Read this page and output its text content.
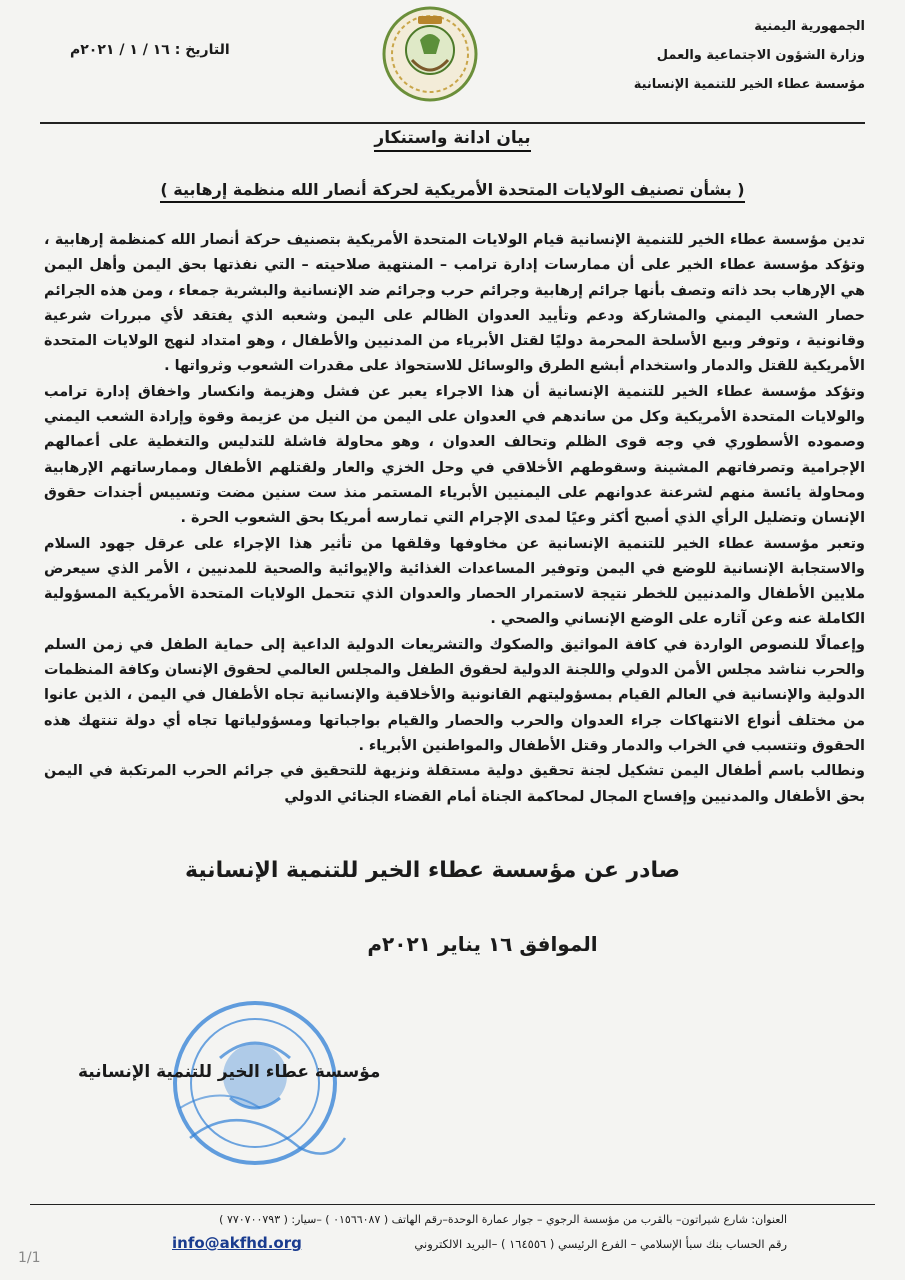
الجمهورية اليمنية
وزارة الشؤون الاجتماعية والعمل
مؤسسة عطاء الخير للتنمية الإنسانية
التاريخ : ١٦ / ١ / ٢٠٢١م
بيان ادانة واستنكار
( بشأن تصنيف الولايات المتحدة الأمريكية لحركة أنصار الله منظمة إرهابية )

تدين مؤسسة عطاء الخير للتنمية الإنسانية قيام الولايات المتحدة الأمريكية بتصنيف حركة أنصار الله كمنظمة إرهابية ، وتؤكد مؤسسة عطاء الخير على أن ممارسات إدارة ترامب – المنتهية صلاحيته – التي نفذتها بحق اليمن وأهل اليمن هي الإرهاب بحد ذاته وتصف بأنها جرائم إرهابية وجرائم حرب وجرائم ضد الإنسانية والبشرية جمعاء ، ومن هذه الجرائم حصار الشعب اليمني والمشاركة ودعم وتأييد العدوان الظالم على اليمن وشعبه الذي يفتقد لأي مبررات شرعية وقانونية ، وتوفر وبيع الأسلحة المحرمة دوليًا لقتل الأبرياء من المدنيين والأطفال ، وهو امتداد لنهج الولايات المتحدة الأمريكية للقتل والدمار واستخدام أبشع الطرق والوسائل للاستحواذ على مقدرات الشعوب وثرواتها .

وتؤكد مؤسسة عطاء الخير للتنمية الإنسانية أن هذا الاجراء يعبر عن فشل وهزيمة وانكسار واخفاق إدارة ترامب والولايات المتحدة الأمريكية وكل من ساندهم في العدوان على اليمن من النيل من عزيمة وقوة وإرادة الشعب اليمني وصموده الأسطوري في وجه قوى الظلم وتحالف العدوان ، وهو محاولة فاشلة للتدليس والتغطية على أعمالهم الإجرامية وتصرفاتهم المشينة وسقوطهم الأخلاقي في وحل الخزي والعار ولقتلهم الأطفال وممارساتهم الإرهابية ومحاولة يائسة منهم لشرعنة عدوانهم على اليمنيين الأبرياء المستمر منذ ست سنين مضت وتسييس أجندات حقوق الإنسان وتضليل الرأي الذي أصبح أكثر وعيًا لمدى الإجرام التي تمارسه أمريكا بحق الشعوب الحرة .

وتعبر مؤسسة عطاء الخير للتنمية الإنسانية عن مخاوفها وقلقها من تأثير هذا الإجراء على عرقل جهود السلام والاستجابة الإنسانية للوضع في اليمن وتوفير المساعدات الغذائية والإيوائية والصحية للمدنيين ، الأمر الذي سيعرض ملايين الأطفال والمدنيين للخطر نتيجة لاستمرار الحصار والعدوان الذي تتحمل الولايات المتحدة الأمريكية المسؤولية الكاملة عنه وعن آثاره على الوضع الإنساني والصحي .

وإعمالًا للنصوص الواردة في كافة المواثيق والصكوك والتشريعات الدولية الداعية إلى حماية الطفل في زمن السلم والحرب نناشد مجلس الأمن الدولي واللجنة الدولية لحقوق الطفل والمجلس العالمي لحقوق الإنسان وكافة المنظمات الدولية والإنسانية في العالم القيام بمسؤوليتهم القانونية والأخلاقية والإنسانية تجاه الأطفال في اليمن ، الذين عانوا من مختلف أنواع الانتهاكات جراء العدوان والحرب والحصار والقيام بواجباتها ومسؤولياتها تجاه أي دولة تنتهك هذه الحقوق وتتسبب في الخراب والدمار وقتل الأطفال والمواطنين الأبرياء .

ونطالب باسم أطفال اليمن تشكيل لجنة تحقيق دولية مستقلة ونزيهة للتحقيق في جرائم الحرب المرتكبة في اليمن بحق الأطفال والمدنيين وإفساح المجال لمحاكمة الجناة أمام القضاء الجنائي الدولي

صادر عن مؤسسة عطاء الخير للتنمية الإنسانية
الموافق ١٦ يناير ٢٠٢١م
مؤسسة عطاء الخير للتنمية الإنسانية
العنوان: شارع شيراتون– بالقرب من مؤسسة الرجوي – جوار عمارة الوحدة–رقم الهاتف ( ٠١٥٦٦٠٨٧ ) –سيار: ( ٧٧٠٧٠٠٧٩٣ )
رقم الحساب بنك سبأ الإسلامي – الفرع الرئيسي ( ١٦٤٥٥٦ ) –البريد الالكتروني
info@akfhd.org
1/1
